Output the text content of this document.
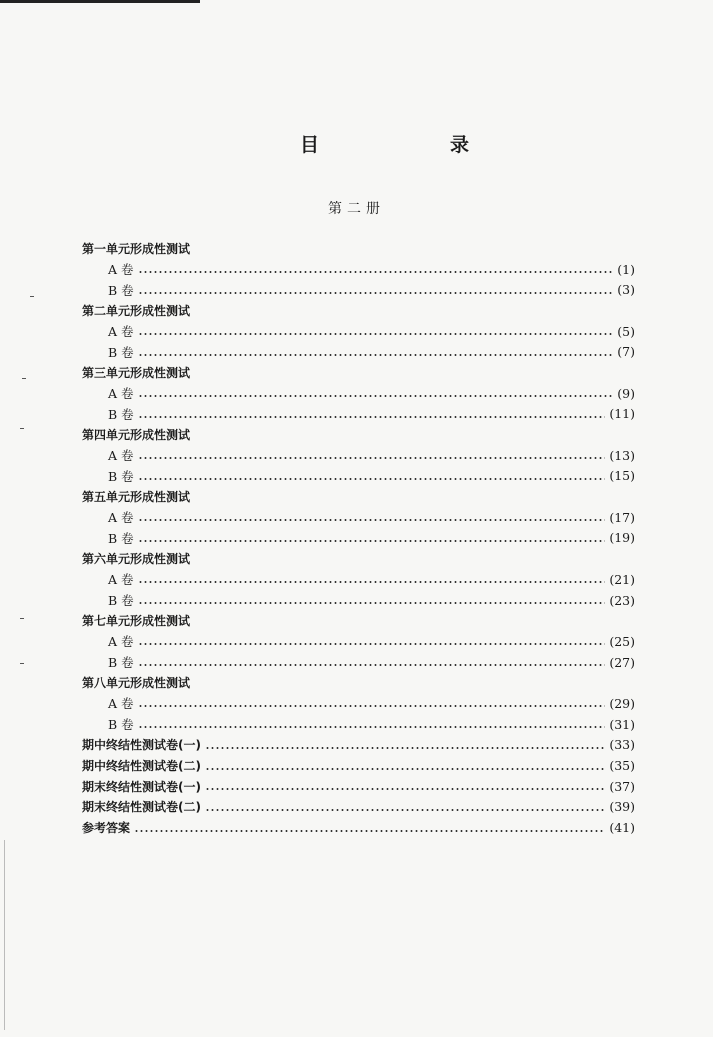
目　录
第二册
第一单元形成性测试
A 卷	(1)
B 卷	(3)
第二单元形成性测试
A 卷	(5)
B 卷	(7)
第三单元形成性测试
A 卷	(9)
B 卷	(11)
第四单元形成性测试
A 卷	(13)
B 卷	(15)
第五单元形成性测试
A 卷	(17)
B 卷	(19)
第六单元形成性测试
A 卷	(21)
B 卷	(23)
第七单元形成性测试
A 卷	(25)
B 卷	(27)
第八单元形成性测试
A 卷	(29)
B 卷	(31)
期中终结性测试卷(一)	(33)
期中终结性测试卷(二)	(35)
期末终结性测试卷(一)	(37)
期末终结性测试卷(二)	(39)
参考答案	(41)
